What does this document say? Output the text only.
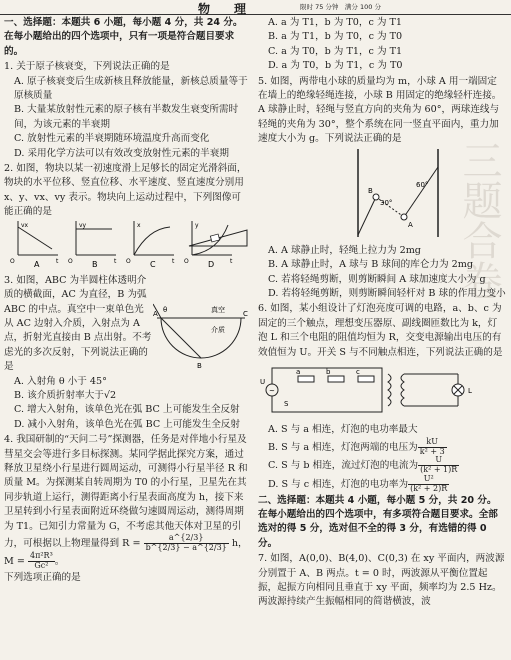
物　理	限时 75 分钟　满分 100 分
三题合卷

一、选择题：本题共 6 小题，每小题 4 分，共 24 分。在每小题给出的四个选项中，只有一项是符合题目要求的。

1. 关于原子核衰变，下列说法正确的是

A. 原子核衰变后生成新核且释放能量，新核总质量等于原核质量

B. 大量某放射性元素的原子核有半数发生衰变所需时间，为该元素的半衰期

C. 放射性元素的半衰期随环境温度升高而变化

D. 采用化学方法可以有效改变放射性元素的半衰期

2. 如图，物块以某一初速度滑上足够长的固定光滑斜面，物块的水平位移、竖直位移、水平速度、竖直速度分别用 x、y、vx、vy 表示。物块向上运动过程中，下列图像可能正确的是

vx
t
O A
vy
t
O B
x
t
O C
y
t
O D

3. 如图，ABC 为半圆柱体透明介质的横截面，AC 为直径，B 为弧 ABC 的中点。真空中一束单色光从 AC 边射入介质，入射点为 A 点，折射光直接由 B 点出射。不考虑光的多次反射，下列说法正确的是

A	C
B
θ	真空
介质

A. 入射角 θ 小于 45°

B. 该介质折射率大于√2

C. 增大入射角，该单色光在弧 BC 上可能发生全反射

D. 减小入射角，该单色光在弧 BC 上可能发生全反射

4. 我国研制的“天问二号”探测器，任务是对伴地小行星及彗星交会等进行多目标探测。某同学据此探究方案，通过释放卫星绕小行星进行圆周运动，可测得小行星半径 R 和质量 M。为探测某自转周期为 T0 的小行星，卫星先在其同步轨道上运行，测得距离小行星表面高度为 h，接下来卫星转到小行星表面附近环绕做匀速圆周运动，测得周期为 T1。已知引力常量为 G，不考虑其他天体对卫星的引力，可根据以上物理量得到 $R = \frac{a\^{}\{2/3\}}{b\^{}\{2/3\} - a\^{}\{2/3\}}$ h，$M = \frac{\text{4π²R³}}{\text{Gc²}}$ 。

下列选项正确的是

A. a 为 T1，b 为 T0，c 为 T1

B. a 为 T1，b 为 T0，c 为 T0

C. a 为 T0，b 为 T1，c 为 T1

D. a 为 T0，b 为 T1，c 为 T0

5. 如图，两带电小球的质量均为 m，小球 A 用一端固定在墙上的绝缘轻绳连接，小球 B 用固定的绝缘轻杆连接。A 球静止时，轻绳与竖直方向的夹角为 60°，两球连线与轻绳的夹角为 30°，整个系统在同一竖直平面内，重力加速度大小为 g。下列说法正确的是

A
B
30°
60°

A. A 球静止时，轻绳上拉力为 2mg

B. A 球静止时，A 球与 B 球间的库仑力为 2mg

C. 若将轻绳剪断，则剪断瞬间 A 球加速度大小为 g

D. 若将轻绳剪断，则剪断瞬间轻杆对 B 球的作用力变小

6. 如图，某小组设计了灯泡亮度可调的电路，a、b、c 为固定的三个触点，理想变压器原、副线圈匝数比为 k，灯泡 L 和三个电阻的阻值均恒为 R，交变电源输出电压的有效值恒为 U。开关 S 与不同触点相连，下列说法正确的是

~
U
a	b	c
S
L

A. S 与 a 相连，灯泡的电功率最大

B. S 与 a 相连，灯泡两端的电压为 $\frac{kU}{\text{k² + 3}}$

C. S 与 b 相连，流过灯泡的电流为 $\frac{U}{\text{(k² + 1)R}}$

D. S 与 c 相连，灯泡的电功率为 $\frac{\text{U²}}{\text{(k² + 2)R}}$

二、选择题：本题共 4 小题，每小题 5 分，共 20 分。在每小题给出的四个选项中，有多项符合题目要求。全部选对的得 5 分，选对但不全的得 3 分，有选错的得 0 分。

7. 如图，A(0,0)、B(4,0)、C(0,3) 在 xy 平面内，两波源分别置于 A、B 两点。t = 0 时，两波源从平衡位置起振，起振方向相同且垂直于 xy 平面，频率均为 2.5 Hz。两波源持续产生振幅相同的简谐横波，波
